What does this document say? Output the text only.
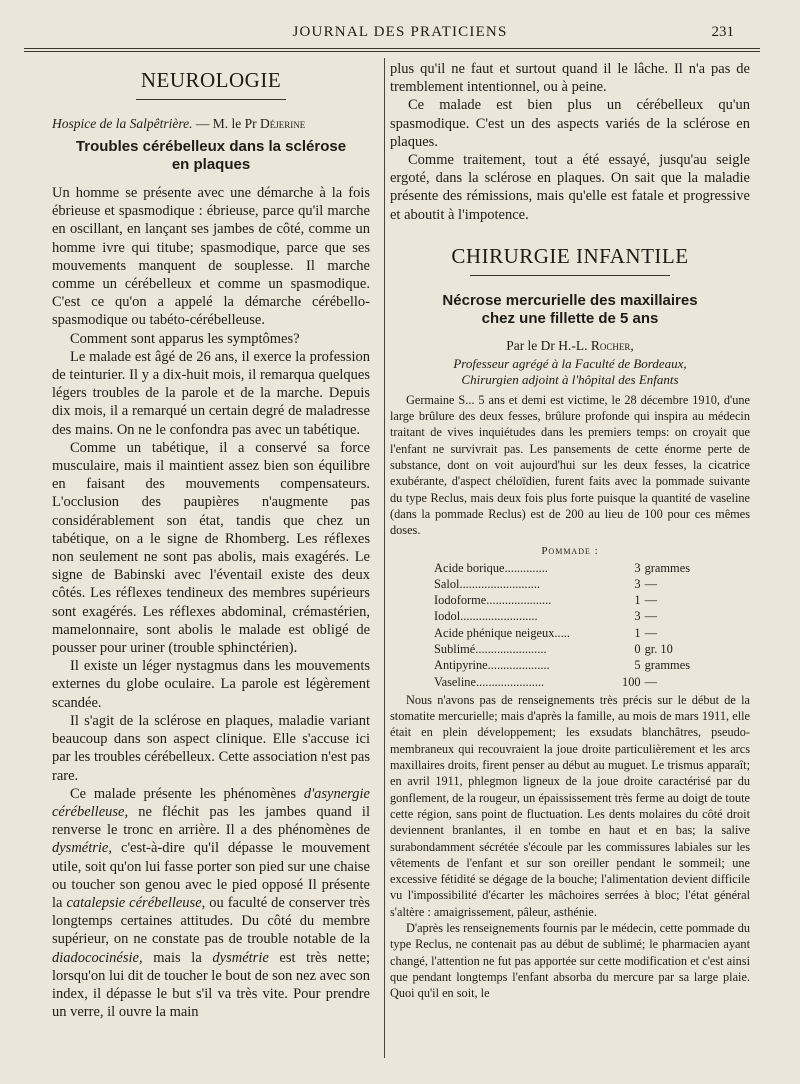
JOURNAL DES PRATICIENS	231
NEUROLOGIE
Hospice de la Salpêtrière. — M. le Pr Déjerine
Troubles cérébelleux dans la sclérose
en plaques

Un homme se présente avec une démarche à la fois ébrieuse et spasmodique : ébrieuse, parce qu'il marche en oscillant, en lançant ses jambes de côté, comme un homme ivre qui titube; spasmodique, parce que ses mouvements manquent de souplesse. Il marche comme un cérébelleux et comme un spasmodique. C'est ce qu'on a appelé la démarche cérébello-spasmodique ou tabéto-cérébelleuse.

Comment sont apparus les symptômes?

Le malade est âgé de 26 ans, il exerce la profession de teinturier. Il y a dix-huit mois, il remarqua quelques légers troubles de la parole et de la marche. Depuis dix mois, il a remarqué un certain degré de maladresse des mains. On ne le confondra pas avec un tabétique.

Comme un tabétique, il a conservé sa force musculaire, mais il maintient assez bien son équilibre en faisant des mouvements compensateurs. L'occlusion des paupières n'augmente pas considérablement son état, tandis que chez un tabétique, on a le signe de Rhomberg. Les réflexes non seulement ne sont pas abolis, mais exagérés. Le signe de Babinski avec l'éventail existe des deux côtés. Les réflexes tendineux des membres supérieurs sont exagérés. Les réflexes abdominal, crémastérien, mamelonnaire, sont abolis le malade est obligé de pousser pour uriner (trouble sphinctérien).

Il existe un léger nystagmus dans les mouvements externes du globe oculaire. La parole est légèrement scandée.

Il s'agit de la sclérose en plaques, maladie variant beaucoup dans son aspect clinique. Elle s'accuse ici par les troubles cérébelleux. Cette association n'est pas rare.

Ce malade présente les phénomènes d'asynergie cérébelleuse, ne fléchit pas les jambes quand il renverse le tronc en arrière. Il a des phénomènes de dysmétrie, c'est-à-dire qu'il dépasse le mouvement utile, soit qu'on lui fasse porter son pied sur une chaise ou toucher son genou avec le pied opposé Il présente la catalepsie cérébelleuse, ou faculté de conserver très longtemps certaines attitudes. Du côté du membre supérieur, on ne constate pas de trouble notable de la diadococinésie, mais la dysmétrie est très nette; lorsqu'on lui dit de toucher le bout de son nez avec son index, il dépasse le but s'il va très vite. Pour prendre un verre, il ouvre la main

plus qu'il ne faut et surtout quand il le lâche. Il n'a pas de tremblement intentionnel, ou à peine.

Ce malade est bien plus un cérébelleux qu'un spasmodique. C'est un des aspects variés de la sclérose en plaques.

Comme traitement, tout a été essayé, jusqu'au seigle ergoté, dans la sclérose en plaques. On sait que la maladie présente des rémissions, mais qu'elle est fatale et progressive et aboutit à l'impotence.

CHIRURGIE INFANTILE
Nécrose mercurielle des maxillaires
chez une fillette de 5 ans
Par le Dr H.-L. Rocher,
Professeur agrégé à la Faculté de Bordeaux,
Chirurgien adjoint à l'hôpital des Enfants

Germaine S... 5 ans et demi est victime, le 28 décembre 1910, d'une large brûlure des deux fesses, brûlure profonde qui inspira au médecin traitant de vives inquiétudes dans les premiers temps: on croyait que l'enfant ne survivrait pas. Les pansements de cette énorme perte de substance, dont on voit aujourd'hui sur les deux fesses, la cicatrice exubérante, d'aspect chéloïdien, furent faits avec la pommade suivante du type Reclus, mais deux fois plus forte puisque la quantité de vaseline (dans la pommade Reclus) est de 200 au lieu de 100 pour ces mêmes doses.

Pommade :
Acide borique..............	3	grammes
Salol..........................	3	—
Iodoforme.....................	1	—
Iodol.........................	3	—
Acide phénique neigeux.....	1	—
Sublimé.......................	0	gr. 10
Antipyrine....................	5	grammes
Vaseline......................	100	—

Nous n'avons pas de renseignements très précis sur le début de la stomatite mercurielle; mais d'après la famille, au mois de mars 1911, elle était en plein développement; les exsudats blanchâtres, pseudo-membraneux qui recouvraient la joue droite particulièrement et les arcs maxillaires droits, firent penser au début au muguet. Le trismus apparaît; en avril 1911, phlegmon ligneux de la joue droite caractérisé par du gonflement, de la rougeur, un épaississement très ferme au doigt de toute cette région, sans point de fluctuation. Les dents molaires du côté droit deviennent branlantes, il en tombe en haut et en bas; la salive surabondamment sécrétée s'écoule par les commissures labiales sur les vêtements de l'enfant et sur son oreiller pendant le sommeil; une excessive fétidité se dégage de la bouche; l'alimentation devient difficile vu l'impossibilité d'écarter les mâchoires serrées à bloc; l'état général s'altère : amaigrissement, pâleur, asthénie.

D'après les renseignements fournis par le médecin, cette pommade du type Reclus, ne contenait pas au début de sublimé; le pharmacien ayant changé, l'attention ne fut pas apportée sur cette modification et c'est ainsi que pendant longtemps l'enfant absorba du mercure par sa large plaie. Quoi qu'il en soit, le
